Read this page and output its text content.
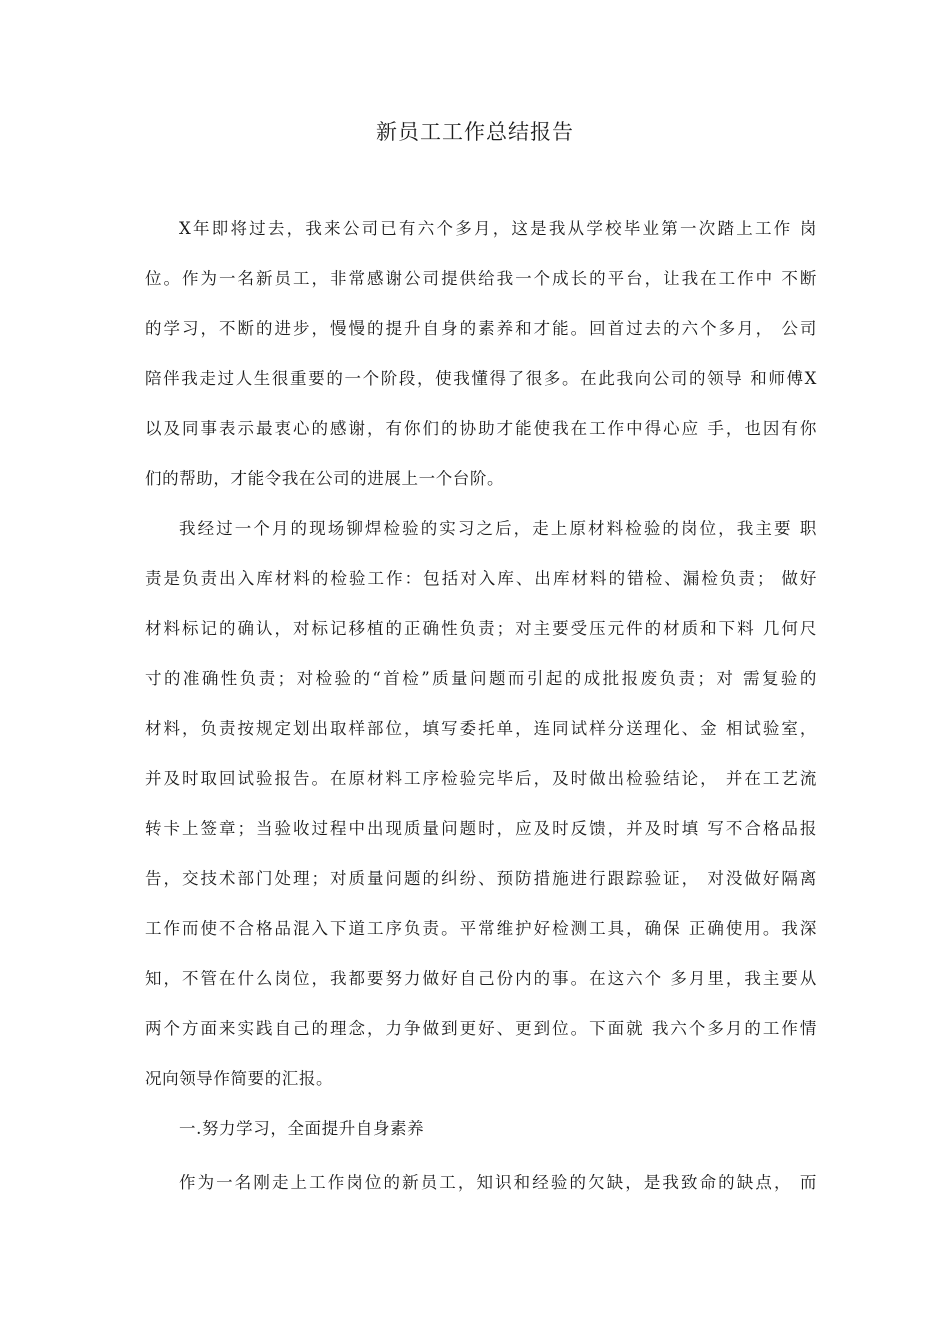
新员工工作总结报告
X年即将过去，我来公司已有六个多月，这是我从学校毕业第一次踏上工作 岗
位。作为一名新员工，非常感谢公司提供给我一个成长的平台，让我在工作中 不断
的学习，不断的进步，慢慢的提升自身的素养和才能。回首过去的六个多月， 公司
陪伴我走过人生很重要的一个阶段，使我懂得了很多。在此我向公司的领导 和师傅X
以及同事表示最衷心的感谢，有你们的协助才能使我在工作中得心应 手，也因有你
们的帮助，才能令我在公司的进展上一个台阶。
我经过一个月的现场铆焊检验的实习之后，走上原材料检验的岗位，我主要 职
责是负责出入库材料的检验工作：包括对入库、出库材料的错检、漏检负责； 做好
材料标记的确认，对标记移植的正确性负责；对主要受压元件的材质和下料 几何尺
寸的准确性负责；对检验的“首检”质量问题而引起的成批报废负责；对 需复验的
材料，负责按规定划出取样部位，填写委托单，连同试样分送理化、金 相试验室，
并及时取回试验报告。在原材料工序检验完毕后，及时做出检验结论， 并在工艺流
转卡上签章；当验收过程中出现质量问题时，应及时反馈，并及时填 写不合格品报
告，交技术部门处理；对质量问题的纠纷、预防措施进行跟踪验证， 对没做好隔离
工作而使不合格品混入下道工序负责。平常维护好检测工具，确保 正确使用。我深
知，不管在什么岗位，我都要努力做好自己份内的事。在这六个 多月里，我主要从
两个方面来实践自己的理念，力争做到更好、更到位。下面就 我六个多月的工作情
况向领导作简要的汇报。
一.努力学习，全面提升自身素养
作为一名刚走上工作岗位的新员工，知识和经验的欠缺，是我致命的缺点， 而
